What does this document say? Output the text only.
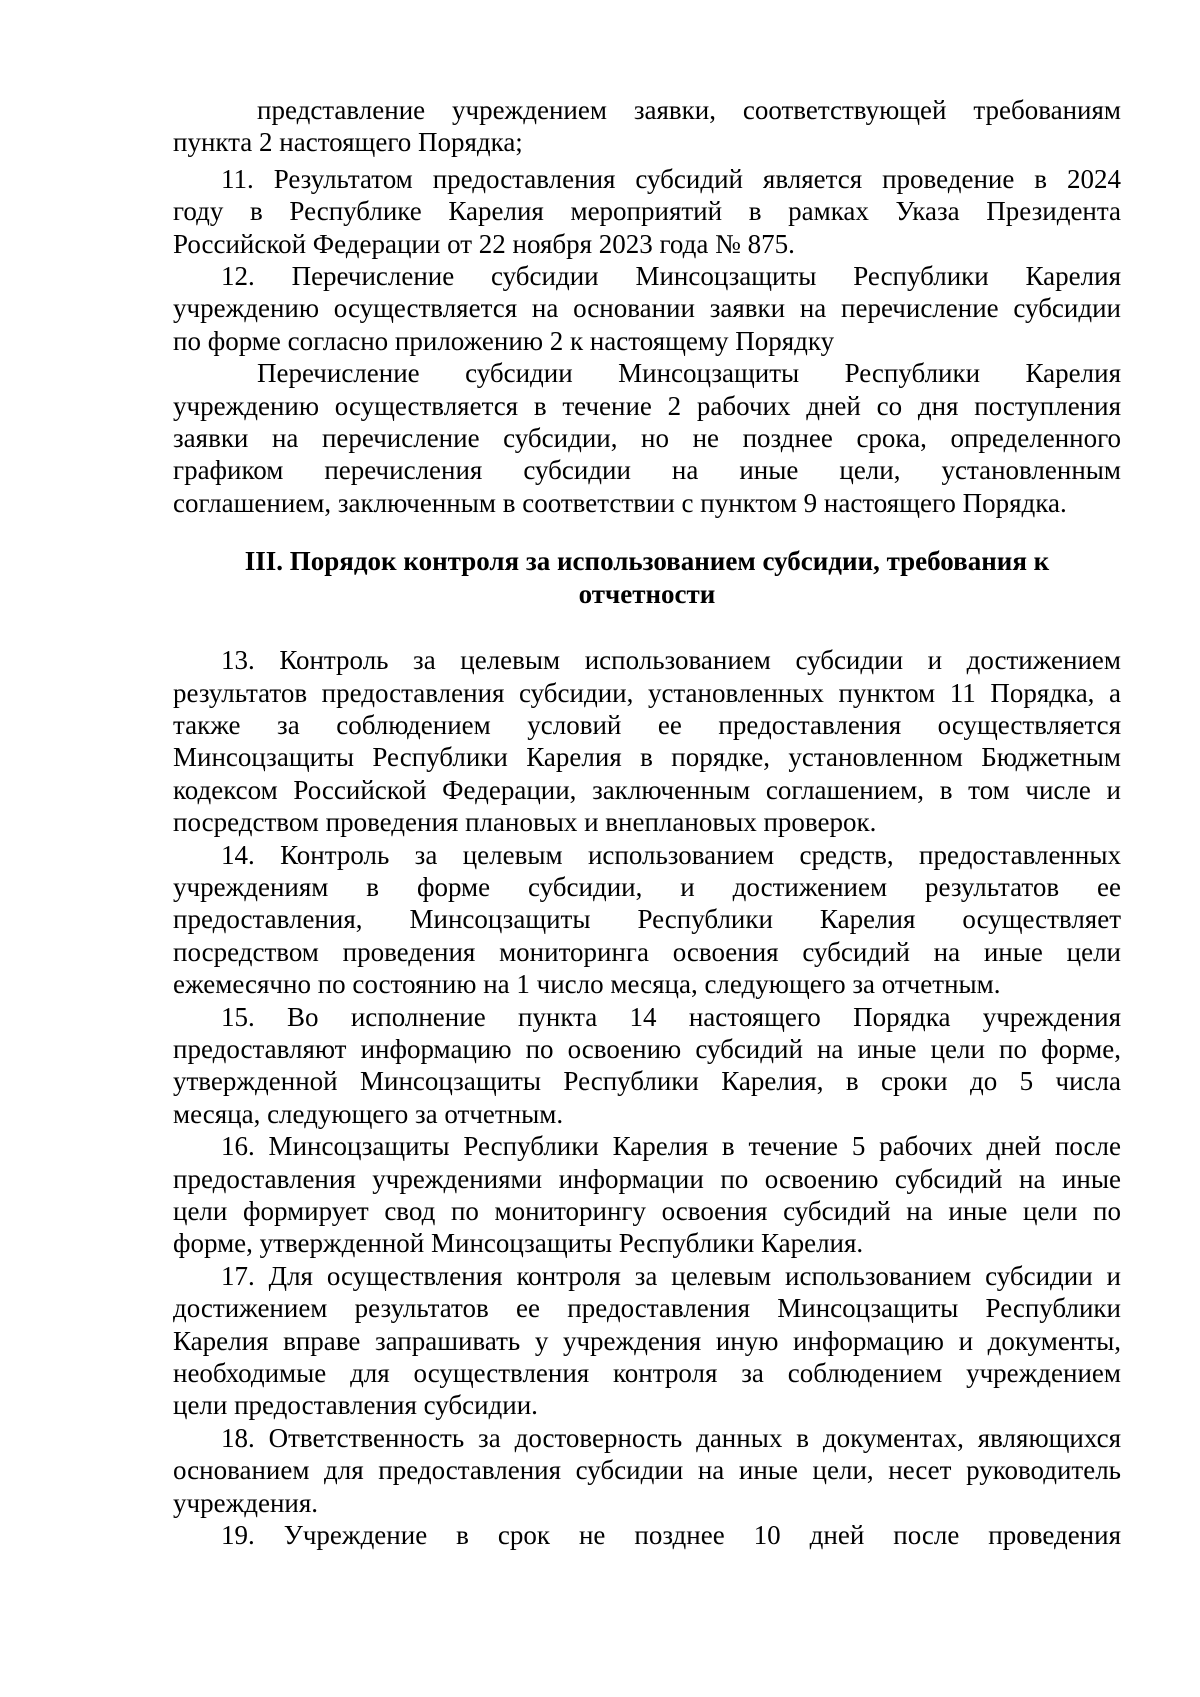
представление учреждением заявки, соответствующей требованиям

пункта 2 настоящего Порядка;

11. Результатом предоставления субсидий является проведение в 2024

году в Республике Карелия мероприятий в рамках Указа Президента

Российской Федерации от 22 ноября 2023 года № 875.

12. Перечисление субсидии Минсоцзащиты Республики Карелия

учреждению осуществляется на основании заявки на перечисление субсидии

по форме согласно приложению 2 к настоящему Порядку

Перечисление субсидии Минсоцзащиты Республики Карелия

учреждению осуществляется в течение 2 рабочих дней со дня поступления

заявки на перечисление субсидии, но не позднее срока, определенного

графиком перечисления субсидии на иные цели, установленным

соглашением, заключенным в соответствии с пунктом 9 настоящего Порядка.

III. Порядок контроля за использованием субсидии, требования к

отчетности

13. Контроль за целевым использованием субсидии и достижением

результатов предоставления субсидии, установленных пунктом 11 Порядка, а

также за соблюдением условий ее предоставления осуществляется

Минсоцзащиты Республики Карелия в порядке, установленном Бюджетным

кодексом Российской Федерации, заключенным соглашением, в том числе и

посредством проведения плановых и внеплановых проверок.

14. Контроль за целевым использованием средств, предоставленных

учреждениям в форме субсидии, и достижением результатов ее

предоставления, Минсоцзащиты Республики Карелия осуществляет

посредством проведения мониторинга освоения субсидий на иные цели

ежемесячно по состоянию на 1 число месяца, следующего за отчетным.

15. Во исполнение пункта 14 настоящего Порядка учреждения

предоставляют информацию по освоению субсидий на иные цели по форме,

утвержденной Минсоцзащиты Республики Карелия, в сроки до 5 числа

месяца, следующего за отчетным.

16. Минсоцзащиты Республики Карелия в течение 5 рабочих дней после

предоставления учреждениями информации по освоению субсидий на иные

цели формирует свод по мониторингу освоения субсидий на иные цели по

форме, утвержденной Минсоцзащиты Республики Карелия.

17. Для осуществления контроля за целевым использованием субсидии и

достижением результатов ее предоставления Минсоцзащиты Республики

Карелия вправе запрашивать у учреждения иную информацию и документы,

необходимые для осуществления контроля за соблюдением учреждением

цели предоставления субсидии.

18. Ответственность за достоверность данных в документах, являющихся

основанием для предоставления субсидии на иные цели, несет руководитель

учреждения.

19. Учреждение в срок не позднее 10 дней после проведения
